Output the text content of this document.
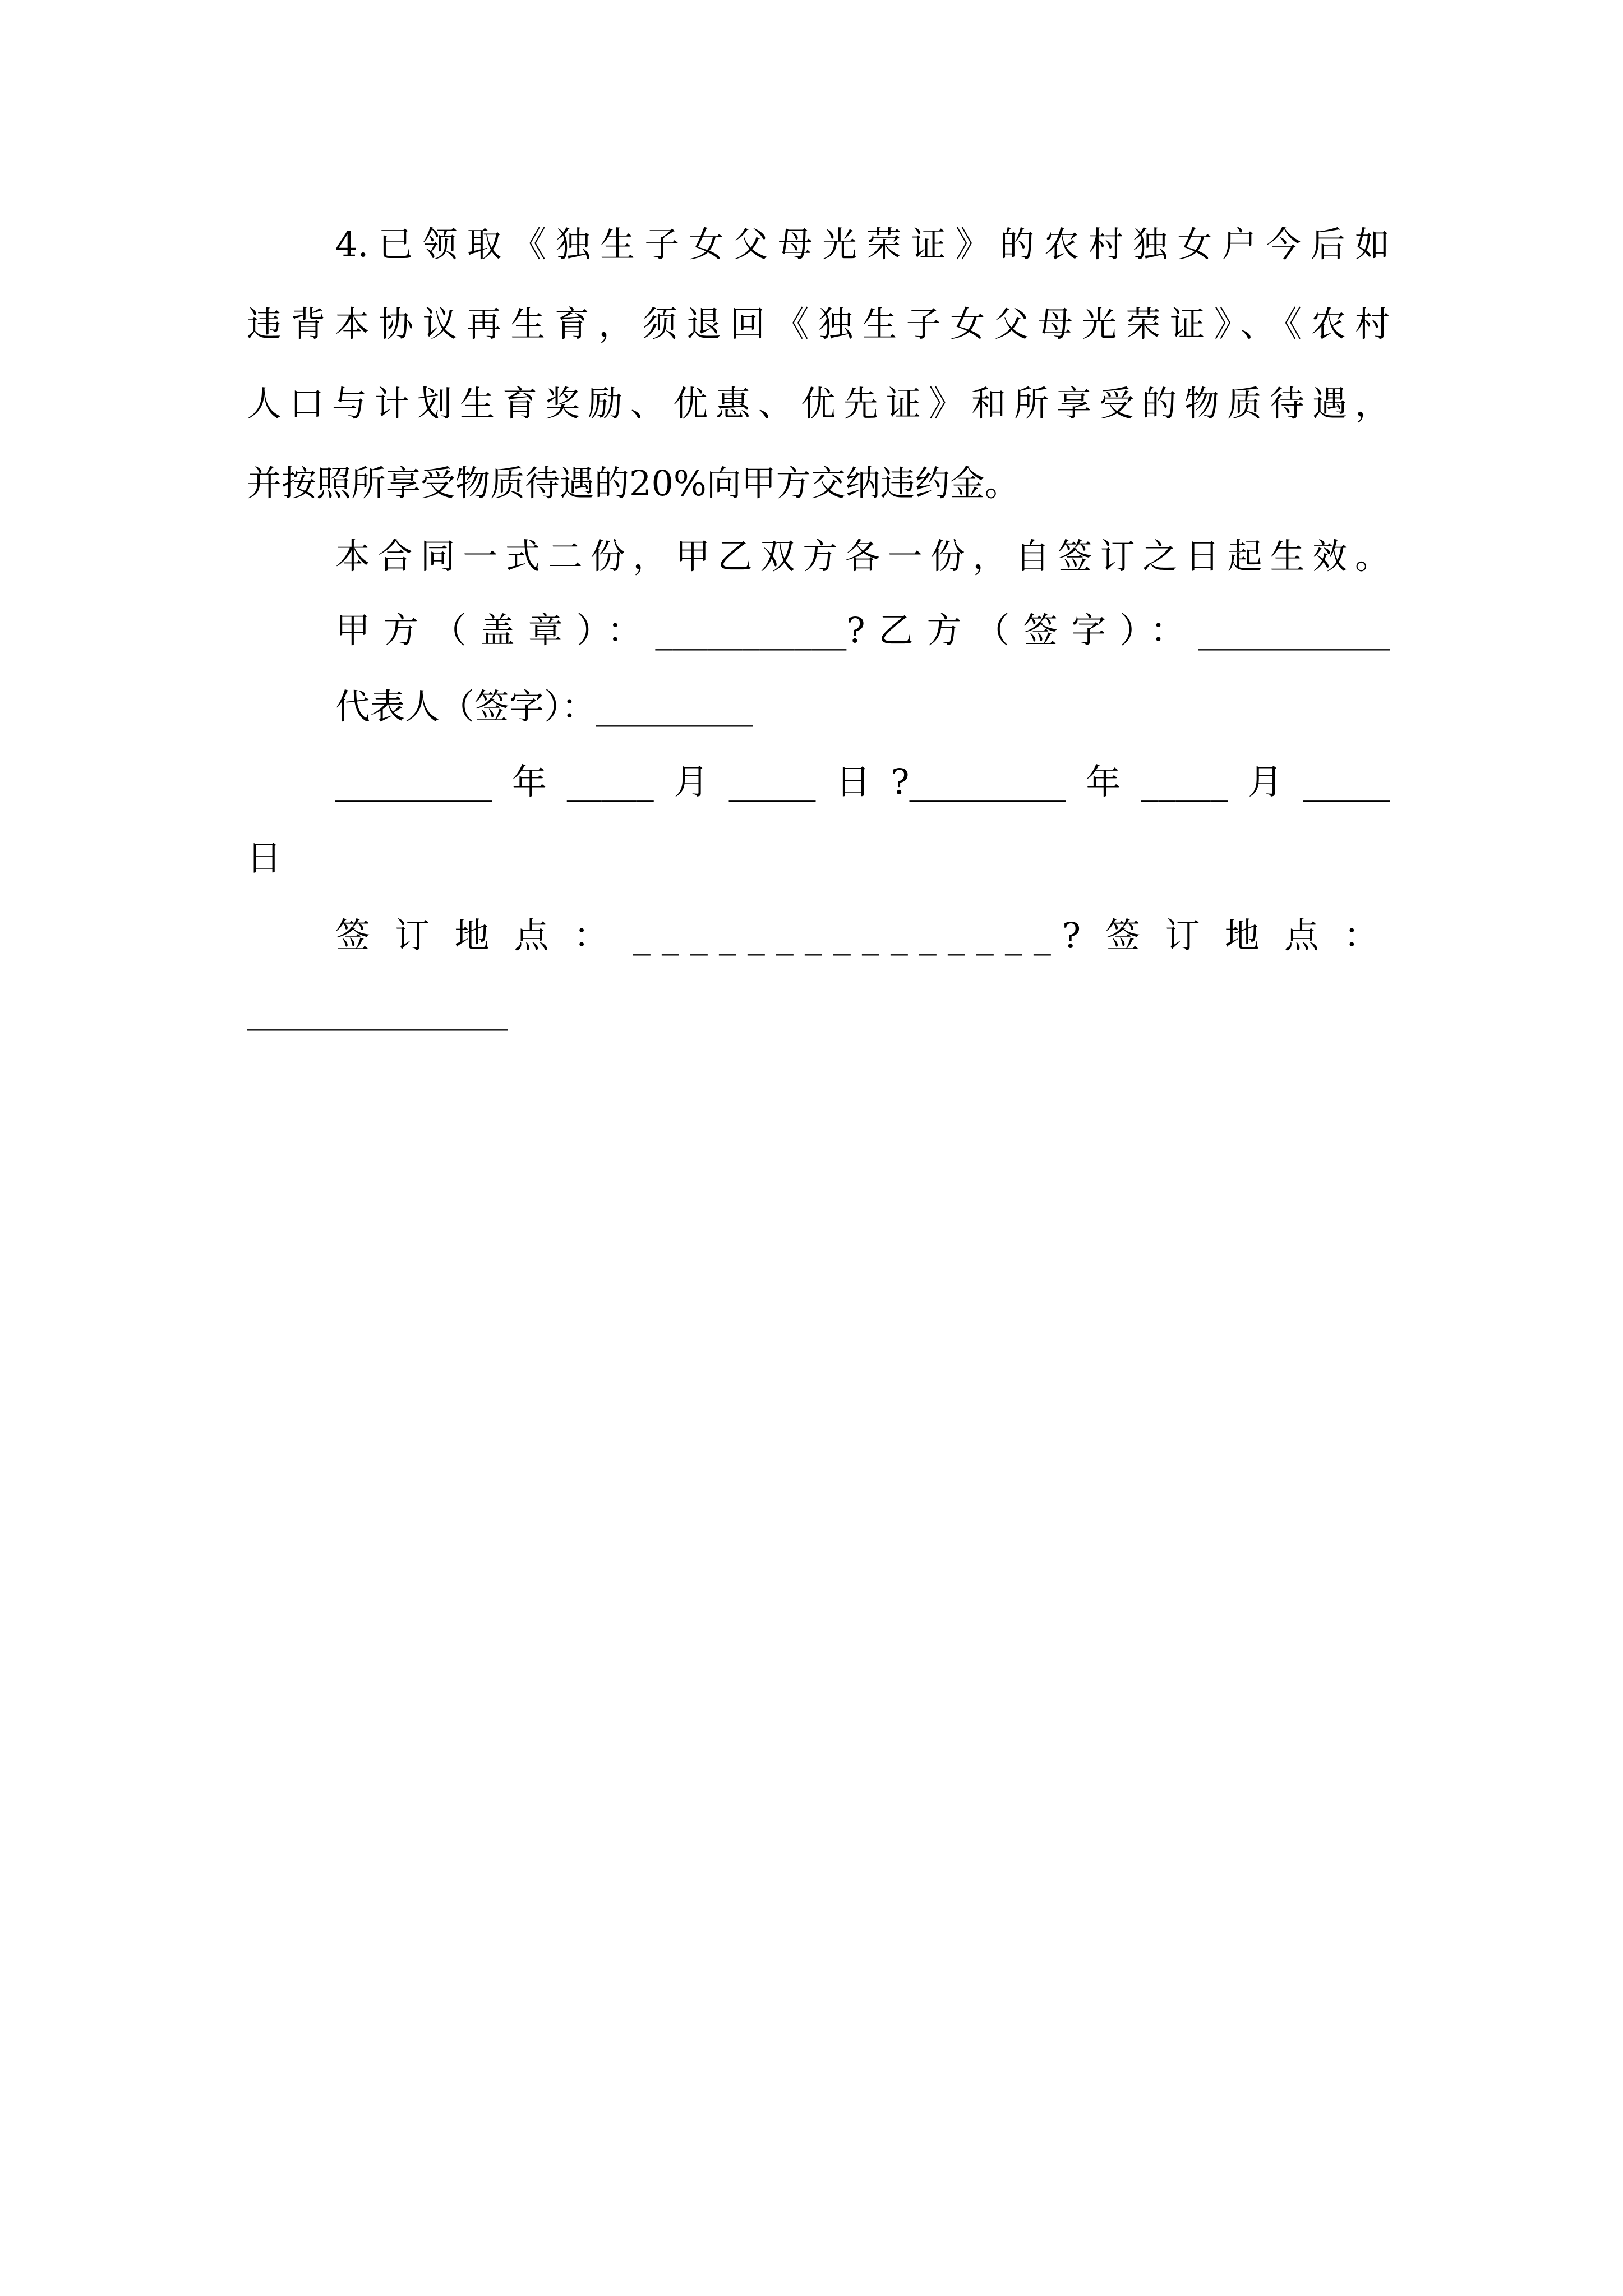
4.已领取《独生子女父母光荣证》的农村独女户今后如
违背本协议再生育，须退回《独生子女父母光荣证》、《农村
人口与计划生育奖励、优惠、优先证》和所享受的物质待遇，
并按照所享受物质待遇的20%向甲方交纳违约金。
本合同一式二份，甲乙双方各一份，自签订之日起生效。
甲方（盖章）：___________?乙方（签字）：___________
代表人（签字）：_________
_________年_____月_____日?_________年_____月_____
日
签订地点：_______________?签订地点：
_______________
